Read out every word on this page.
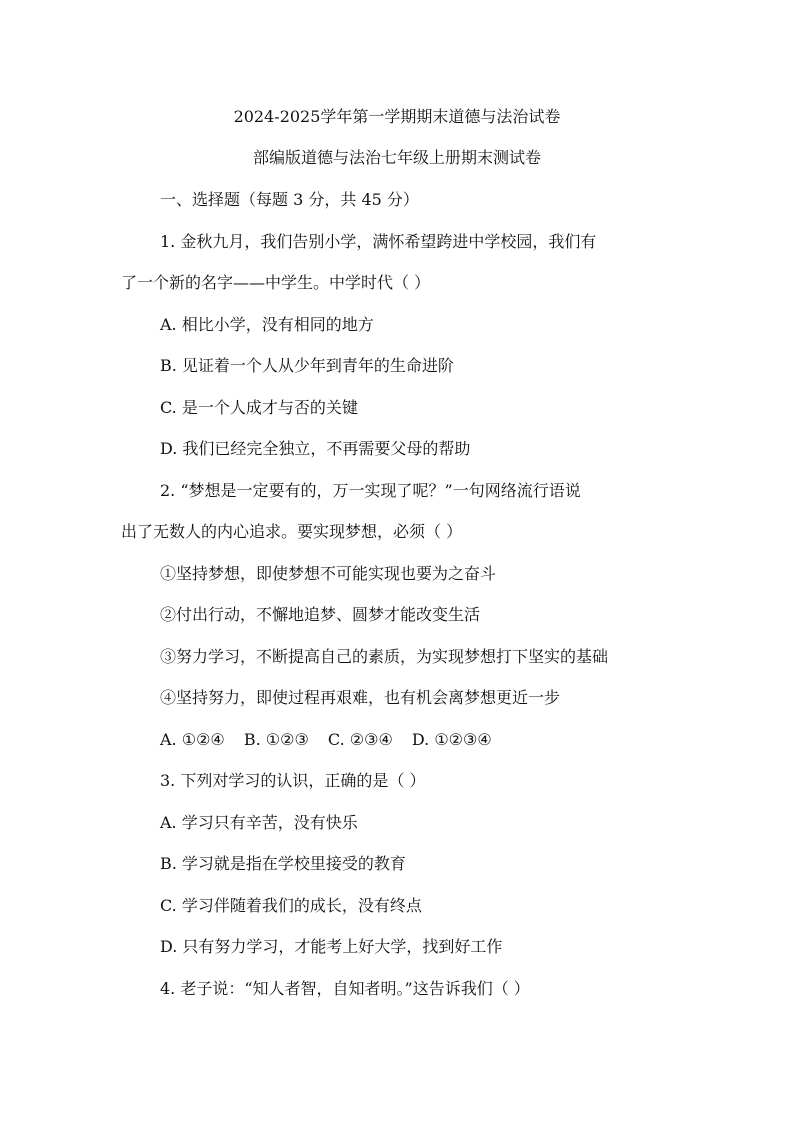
2024-2025学年第一学期期末道德与法治试卷
部编版道德与法治七年级上册期末测试卷
一、选择题（每题 3 分，共 45 分）
1. 金秋九月，我们告别小学，满怀希望跨进中学校园，我们有
了一个新的名字——中学生。中学时代（ ）
A. 相比小学，没有相同的地方
B. 见证着一个人从少年到青年的生命进阶
C. 是一个人成才与否的关键
D. 我们已经完全独立，不再需要父母的帮助
2. “梦想是一定要有的，万一实现了呢？”一句网络流行语说
出了无数人的内心追求。要实现梦想，必须（ ）
①坚持梦想，即使梦想不可能实现也要为之奋斗
②付出行动，不懈地追梦、圆梦才能改变生活
③努力学习，不断提高自己的素质，为实现梦想打下坚实的基础
④坚持努力，即使过程再艰难，也有机会离梦想更近一步
A. ①②④ B. ①②③ C. ②③④ D. ①②③④
3. 下列对学习的认识，正确的是（ ）
A. 学习只有辛苦，没有快乐
B. 学习就是指在学校里接受的教育
C. 学习伴随着我们的成长，没有终点
D. 只有努力学习，才能考上好大学，找到好工作
4. 老子说：“知人者智，自知者明。”这告诉我们（ ）
